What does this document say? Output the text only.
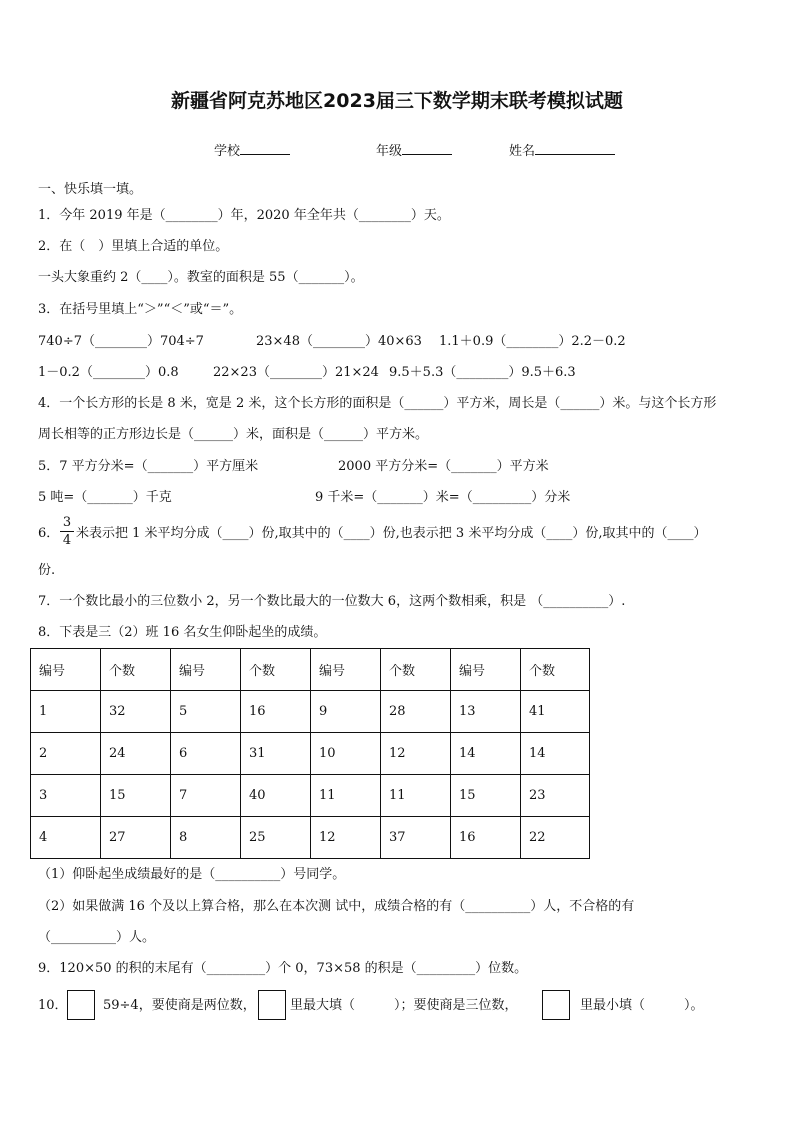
新疆省阿克苏地区2023届三下数学期末联考模拟试题
学校	年级	姓名
一、快乐填一填。
1．今年 2019 年是（________）年，2020 年全年共（________）天。
2．在（　）里填上合适的单位。
一头大象重约 2（____）。教室的面积是 55（_______）。
3．在括号里填上“＞”“＜”或“＝”。
740÷7（________）704÷7	23×48（________）40×63 1.1＋0.9（________）2.2－0.2
1－0.2（________）0.8	22×23（________）21×24 9.5＋5.3（________）9.5＋6.3
4．一个长方形的长是 8 米，宽是 2 米，这个长方形的面积是（______）平方米，周长是（______）米。与这个长方形
周长相等的正方形边长是（______）米，面积是（______）平方米。
5．7 平方分米=（_______）平方厘米	2000 平方分米=（_______）平方米
5 吨=（_______）千克	9 千米=（_______）米=（_________）分米
6．
3
4 米表示把 1 米平均分成（____）份,取其中的（____）份,也表示把 3 米平均分成（____）份,取其中的（____）
份.
7．一个数比最小的三位数小 2，另一个数比最大的一位数大 6，这两个数相乘，积是 （__________）.
8．下表是三（2）班 16 名女生仰卧起坐的成绩。
编号	个数	编号	个数	编号	个数	编号	个数
1	32	5	16	9	28	13	41
2	24	6	31	10	12	14	14
3	15	7	40	11	11	15	23
4	27	8	25	12	37	16	22
（1）仰卧起坐成绩最好的是（__________）号同学。
（2）如果做满 16 个及以上算合格，那么在本次测 试中，成绩合格的有（__________）人，不合格的有
（__________）人。
9．120×50 的积的末尾有（_________）个 0，73×58 的积是（_________）位数。
10．	59÷4，要使商是两位数，	里最大填（　　　）；要使商是三位数，	里最小填（　　　）。
